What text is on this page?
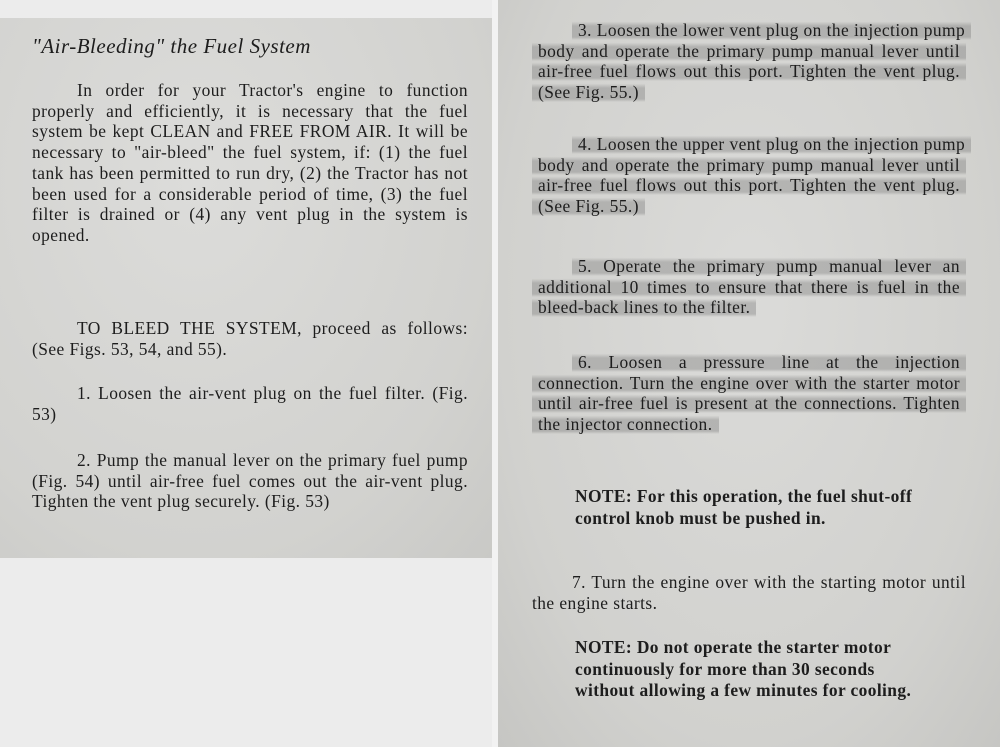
"Air-Bleeding" the Fuel System

In order for your Tractor's engine to function properly and efficiently, it is necessary that the fuel system be kept CLEAN and FREE FROM AIR. It will be necessary to "air-bleed" the fuel system, if: (1) the fuel tank has been permitted to run dry, (2) the Tractor has not been used for a considerable period of time, (3) the fuel filter is drained or (4) any vent plug in the system is opened.

TO BLEED THE SYSTEM, proceed as follows: (See Figs. 53, 54, and 55).

1. Loosen the air-vent plug on the fuel filter. (Fig. 53)

2. Pump the manual lever on the primary fuel pump (Fig. 54) until air-free fuel comes out the air-vent plug. Tighten the vent plug securely. (Fig. 53)

3. Loosen the lower vent plug on the injection pump body and operate the primary pump manual lever until air-free fuel flows out this port. Tighten the vent plug. (See Fig. 55.)

4. Loosen the upper vent plug on the injection pump body and operate the primary pump manual lever until air-free fuel flows out this port. Tighten the vent plug. (See Fig. 55.)

5. Operate the primary pump manual lever an additional 10 times to ensure that there is fuel in the bleed-back lines to the filter.

6. Loosen a pressure line at the injection connection. Turn the engine over with the starter motor until air-free fuel is present at the connections. Tighten the injector connection.

NOTE: For this operation, the fuel shut-off control knob must be pushed in.

7. Turn the engine over with the starting motor until the engine starts.

NOTE: Do not operate the starter motor continuously for more than 30 seconds without allowing a few minutes for cooling.
